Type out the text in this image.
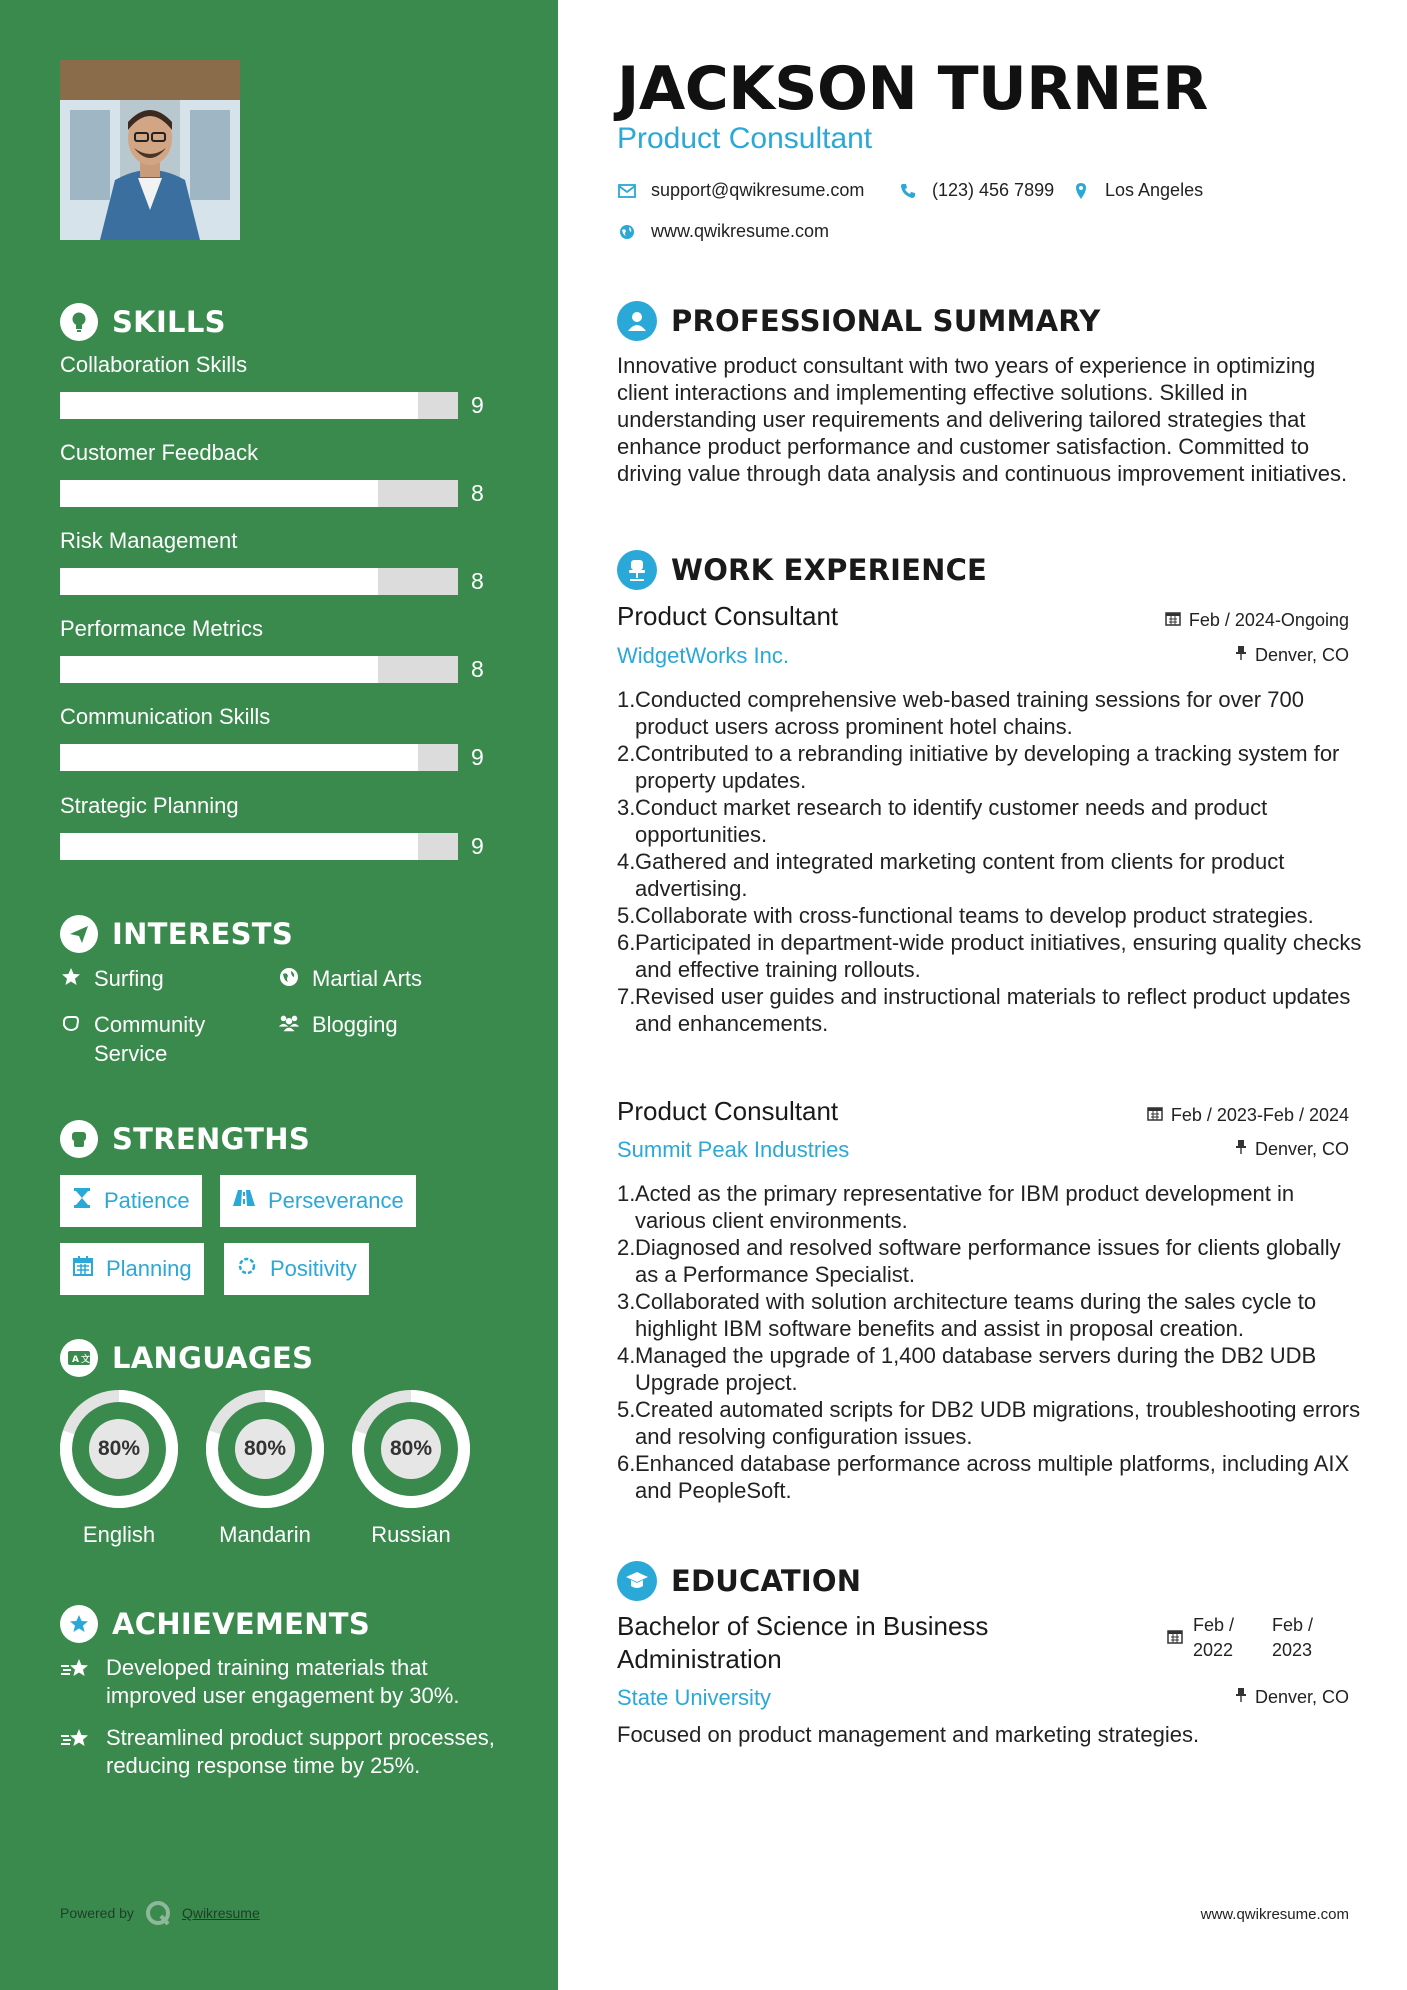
SKILLS
Collaboration Skills
9
Customer Feedback
8
Risk Management
8
Performance Metrics
8
Communication Skills
9
Strategic Planning
9
INTERESTS
Surfing	Martial Arts
Community Service
Blogging
STRENGTHS
Patience	Perseverance
Planning	Positivity
A 文 LANGUAGES
80%
English
80%
Mandarin
80%
Russian
ACHIEVEMENTS
Developed training materials that improved user engagement by 30%.
Streamlined product support processes, reducing response time by 25%.
Powered by	Qwikresume
JACKSON TURNER
Product Consultant
support@qwikresume.com	(123) 456 7899	Los Angeles
www.qwikresume.com
PROFESSIONAL SUMMARY
Innovative product consultant with two years of experience in optimizing client interactions and implementing effective solutions. Skilled in understanding user requirements and delivering tailored strategies that enhance product performance and customer satisfaction. Committed to driving value through data analysis and continuous improvement initiatives.
WORK EXPERIENCE
Product Consultant	Feb / 2024-Ongoing
WidgetWorks Inc.	Denver, CO
1. Conducted comprehensive web-based training sessions for over 700 product users across prominent hotel chains.
2. Contributed to a rebranding initiative by developing a tracking system for property updates.
3. Conduct market research to identify customer needs and product opportunities.
4. Gathered and integrated marketing content from clients for product advertising.
5. Collaborate with cross-functional teams to develop product strategies.
6. Participated in department-wide product initiatives, ensuring quality checks and effective training rollouts.
7. Revised user guides and instructional materials to reflect product updates and enhancements.
Product Consultant	Feb / 2023-Feb / 2024
Summit Peak Industries	Denver, CO
1. Acted as the primary representative for IBM product development in various client environments.
2. Diagnosed and resolved software performance issues for clients globally as a Performance Specialist.
3. Collaborated with solution architecture teams during the sales cycle to highlight IBM software benefits and assist in proposal creation.
4. Managed the upgrade of 1,400 database servers during the DB2 UDB Upgrade project.
5. Created automated scripts for DB2 UDB migrations, troubleshooting errors and resolving configuration issues.
6. Enhanced database performance across multiple platforms, including AIX and PeopleSoft.
EDUCATION
Bachelor of Science in Business Administration
Feb / 2022
Feb / 2023
State University	Denver, CO
Focused on product management and marketing strategies.
www.qwikresume.com
